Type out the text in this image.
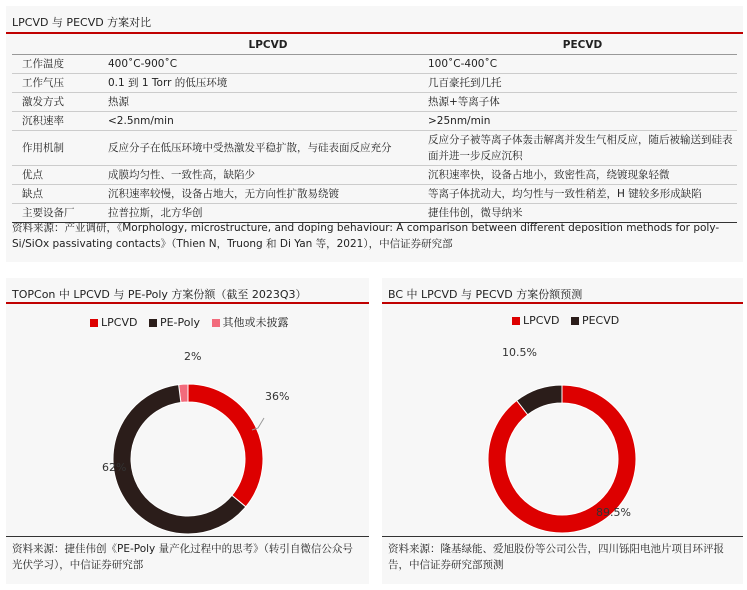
LPCVD 与 PECVD 方案对比
	LPCVD	PECVD
工作温度	400˚C-900˚C	100˚C-400˚C
工作气压	0.1 到 1 Torr 的低压环境	几百豪托到几托
激发方式	热源	热源+等离子体
沉积速率	<2.5nm/min	>25nm/min
作用机制	反应分子在低压环境中受热激发平稳扩散，与硅表面反应充分	反应分子被等离子体轰击解离并发生气相反应，随后被输送到硅表面并进一步反应沉积
优点	成膜均匀性、一致性高，缺陷少	沉积速率快，设备占地小，致密性高，绕镀现象轻微
缺点	沉积速率较慢，设备占地大，无方向性扩散易绕镀	等离子体扰动大，均匀性与一致性稍差，H 键较多形成缺陷
主要设备厂	拉普拉斯，北方华创	捷佳伟创，微导纳米
资料来源：产业调研，《Morphology, microstructure, and doping behaviour: A comparison between different deposition methods for poly-Si/SiOx passivating contacts》（Thien N，Truong 和 Di Yan 等，2021），中信证券研究部
TOPCon 中 LPCVD 与 PE-Poly 方案份额（截至 2023Q3）
LPCVD PE-Poly 其他或未披露
2%
36%
62%
资料来源：捷佳伟创《PE-Poly 量产化过程中的思考》（转引自微信公众号光伏学习），中信证券研究部
BC 中 LPCVD 与 PECVD 方案份额预测
LPCVD PECVD
10.5%
89.5%
资料来源：隆基绿能、爱旭股份等公司公告，四川铄阳电池片项目环评报告，中信证券研究部预测
